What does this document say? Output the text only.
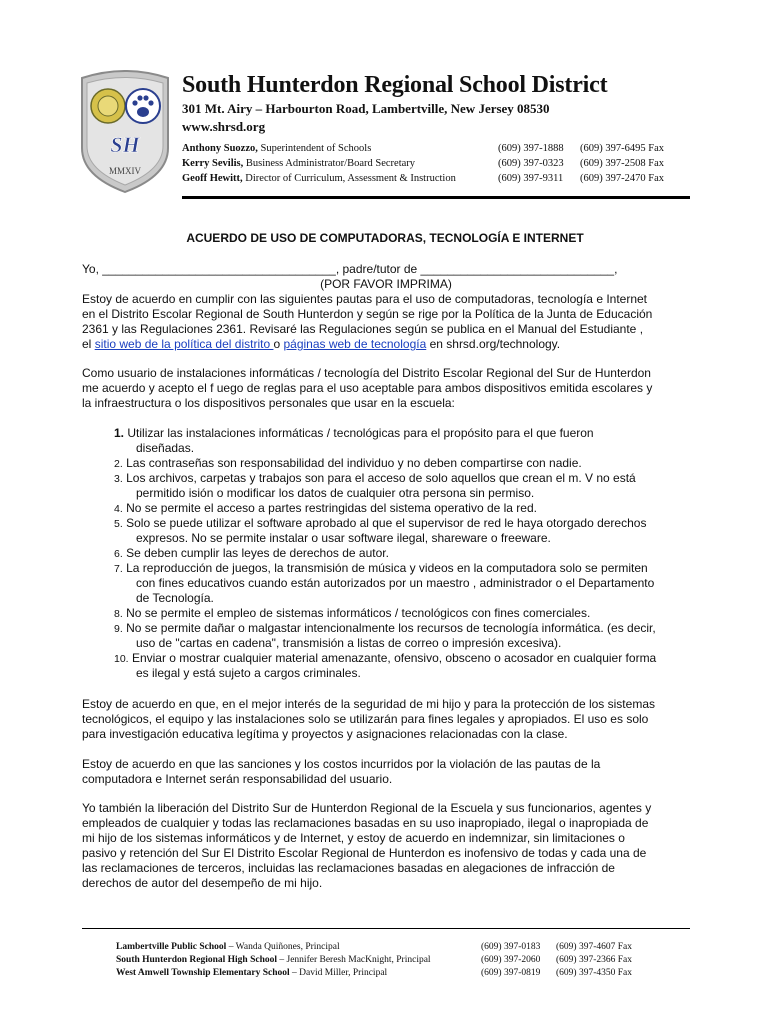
SH
MMXIV
South Hunterdon Regional School District
301 Mt. Airy – Harbourton Road, Lambertville, New Jersey 08530
www.shrsd.org
Anthony Suozzo, Superintendent of Schools
Kerry Sevilis, Business Administrator/Board Secretary
Geoff Hewitt, Director of Curriculum, Assessment & Instruction
(609) 397-1888
(609) 397-0323
(609) 397-9311
(609) 397-6495 Fax
(609) 397-2508 Fax
(609) 397-2470 Fax
ACUERDO DE USO DE COMPUTADORAS, TECNOLOGÍA E INTERNET
Yo, ___________________________________, padre/tutor de _____________________________,
(POR FAVOR IMPRIMA)
Estoy de acuerdo en cumplir con las siguientes pautas para el uso de computadoras, tecnología e Internet
en el Distrito Escolar Regional de South Hunterdon y según se rige por la Política de la Junta de Educación
2361 y las Regulaciones 2361. Revisaré las Regulaciones según se publica en el Manual del Estudiante ,
el sitio web de la política del distrito o páginas web de tecnología en shrsd.org/technology.
Como usuario de instalaciones informáticas / tecnología del Distrito Escolar Regional del Sur de Hunterdon
me acuerdo y acepto el f uego de reglas para el uso aceptable para ambos dispositivos emitida escolares y
la infraestructura o los dispositivos personales que usar en la escuela:
1. Utilizar las instalaciones informáticas / tecnológicas para el propósito para el que fueron
diseñadas.
2. Las contraseñas son responsabilidad del individuo y no deben compartirse con nadie.
3. Los archivos, carpetas y trabajos son para el acceso de solo aquellos que crean el m. V no está
permitido isión o modificar los datos de cualquier otra persona sin permiso.
4. No se permite el acceso a partes restringidas del sistema operativo de la red.
5. Solo se puede utilizar el software aprobado al que el supervisor de red le haya otorgado derechos
expresos. No se permite instalar o usar software ilegal, shareware o freeware.
6. Se deben cumplir las leyes de derechos de autor.
7. La reproducción de juegos, la transmisión de música y videos en la computadora solo se permiten
con fines educativos cuando están autorizados por un maestro , administrador o el Departamento
de Tecnología.
8. No se permite el empleo de sistemas informáticos / tecnológicos con fines comerciales.
9. No se permite dañar o malgastar intencionalmente los recursos de tecnología informática. (es decir,
uso de "cartas en cadena", transmisión a listas de correo o impresión excesiva).
10. Enviar o mostrar cualquier material amenazante, ofensivo, obsceno o acosador en cualquier forma
es ilegal y está sujeto a cargos criminales.
Estoy de acuerdo en que, en el mejor interés de la seguridad de mi hijo y para la protección de los sistemas
tecnológicos, el equipo y las instalaciones solo se utilizarán para fines legales y apropiados. El uso es solo
para investigación educativa legítima y proyectos y asignaciones relacionadas con la clase.
Estoy de acuerdo en que las sanciones y los costos incurridos por la violación de las pautas de la
computadora e Internet serán responsabilidad del usuario.
Yo también la liberación del Distrito Sur de Hunterdon Regional de la Escuela y sus funcionarios, agentes y
empleados de cualquier y todas las reclamaciones basadas en su uso inapropiado, ilegal o inapropiada de
mi hijo de los sistemas informáticos y de Internet, y estoy de acuerdo en indemnizar, sin limitaciones o
pasivo y retención del Sur El Distrito Escolar Regional de Hunterdon es inofensivo de todas y cada una de
las reclamaciones de terceros, incluidas las reclamaciones basadas en alegaciones de infracción de
derechos de autor del desempeño de mi hijo.
Lambertville Public School – Wanda Quiñones, Principal
South Hunterdon Regional High School – Jennifer Beresh MacKnight, Principal
West Amwell Township Elementary School – David Miller, Principal
(609) 397-0183
(609) 397-2060
(609) 397-0819
(609) 397-4607 Fax
(609) 397-2366 Fax
(609) 397-4350 Fax
